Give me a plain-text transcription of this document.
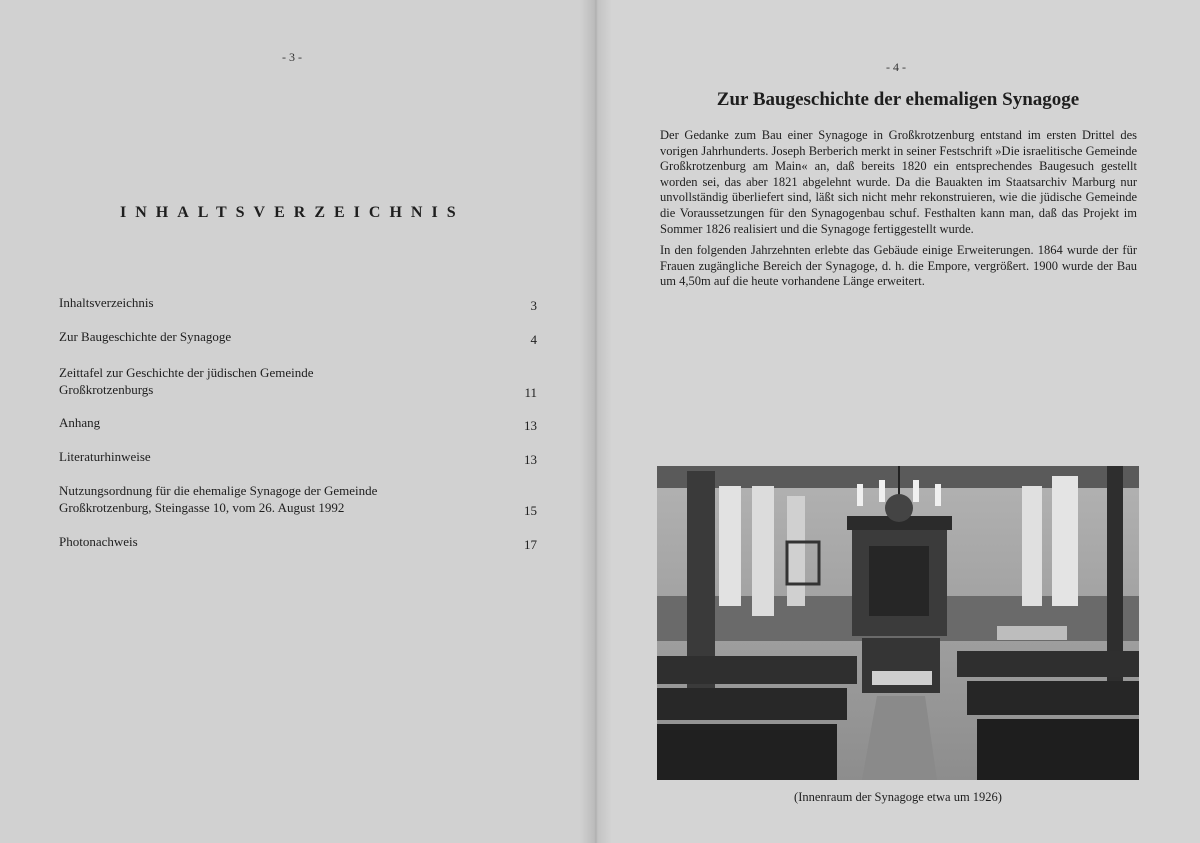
- 3 -
INHALTSVERZEICHNIS
Inhaltsverzeichnis	3
Zur Baugeschichte der Synagoge	4
Zeittafel zur Geschichte der jüdischen Gemeinde Großkrotzenburgs	11
Anhang	13
Literaturhinweise	13
Nutzungsordnung für die ehemalige Synagoge der Gemeinde Großkrotzenburg, Steingasse 10, vom 26. August 1992	15
Photonachweis	17
- 4 -
Zur Baugeschichte der ehemaligen Synagoge

Der Gedanke zum Bau einer Synagoge in Großkrotzenburg entstand im ersten Drittel des vorigen Jahrhunderts. Joseph Berberich merkt in seiner Festschrift »Die israelitische Gemeinde Großkrotzenburg am Main« an, daß bereits 1820 ein entsprechendes Baugesuch gestellt worden sei, das aber 1821 abgelehnt wurde. Da die Bauakten im Staatsarchiv Marburg nur unvollständig überliefert sind, läßt sich nicht mehr rekonstruieren, wie die jüdische Gemeinde die Voraussetzungen für den Synagogenbau schuf. Festhalten kann man, daß das Projekt im Sommer 1826 realisiert und die Synagoge fertiggestellt wurde.

In den folgenden Jahrzehnten erlebte das Gebäude einige Erweiterungen. 1864 wurde der für Frauen zugängliche Bereich der Synagoge, d. h. die Empore, vergrößert. 1900 wurde der Bau um 4,50m auf die heute vorhandene Länge erweitert.

(Innenraum der Synagoge etwa um 1926)
